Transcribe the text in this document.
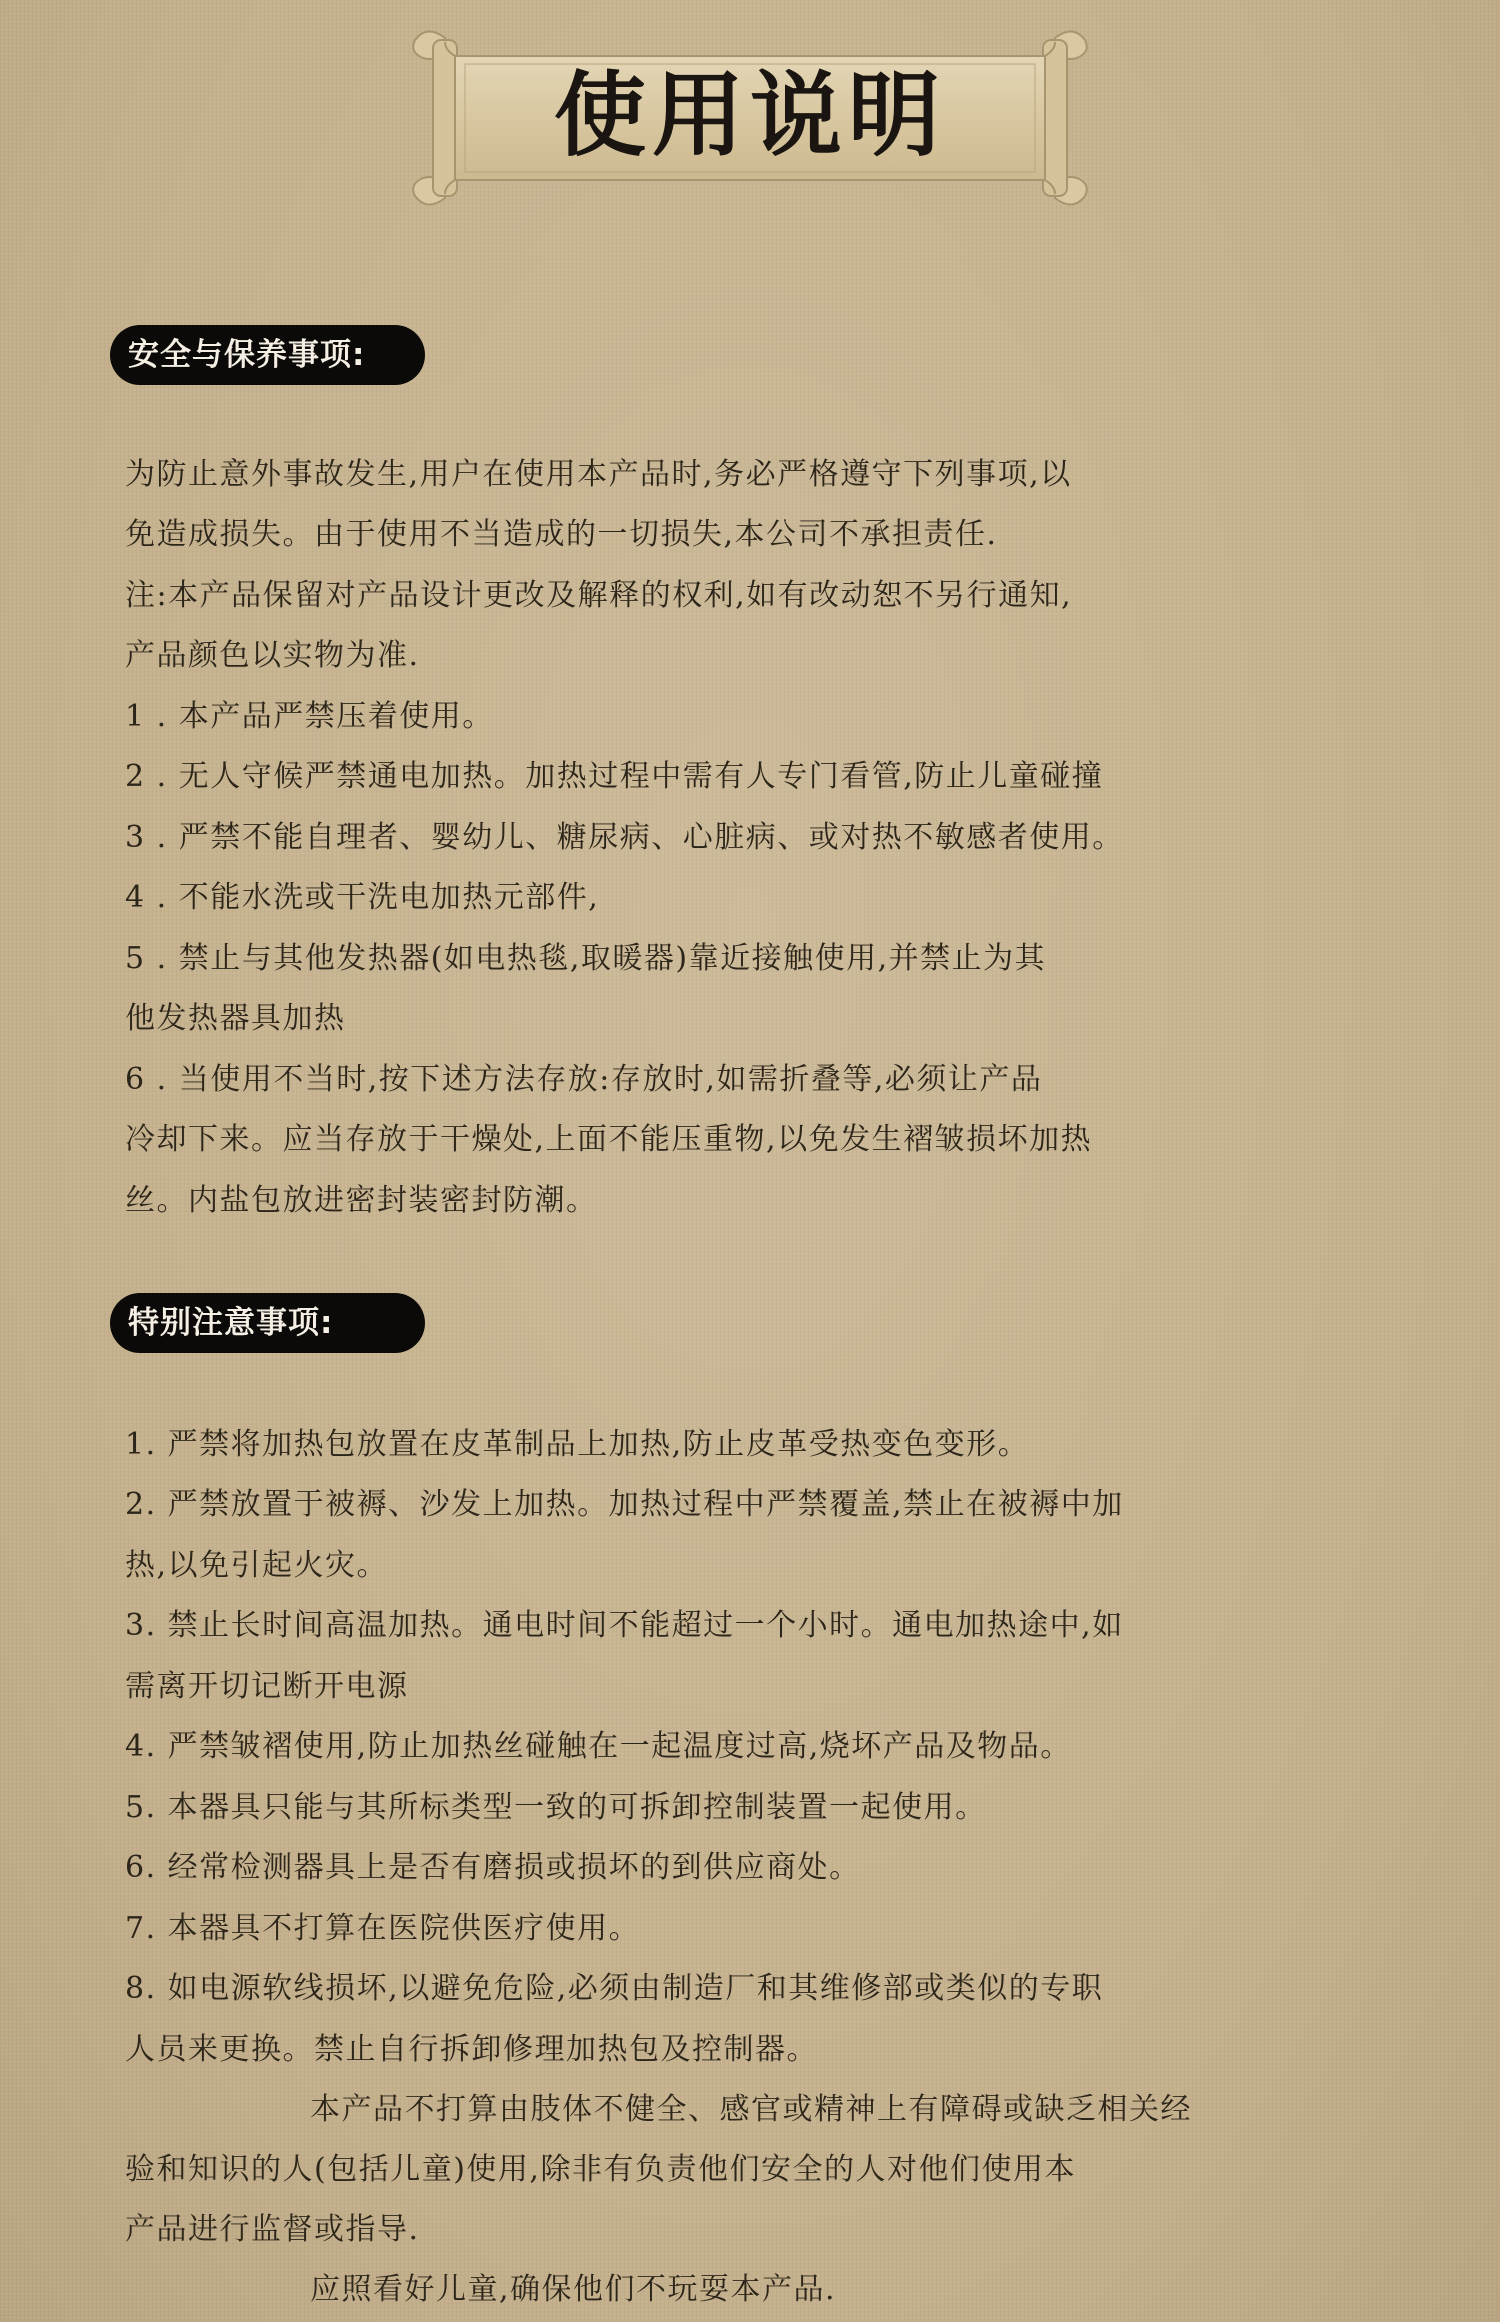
使用说明
安全与保养事项:
为防止意外事故发生,用户在使用本产品时,务必严格遵守下列事项,以
免造成损失。由于使用不当造成的一切损失,本公司不承担责任.
注:本产品保留对产品设计更改及解释的权利,如有改动恕不另行通知,
产品颜色以实物为准.
1 . 本产品严禁压着使用。
2 . 无人守候严禁通电加热。加热过程中需有人专门看管,防止儿童碰撞
3 . 严禁不能自理者、婴幼儿、糖尿病、心脏病、或对热不敏感者使用。
4 . 不能水洗或干洗电加热元部件,
5 . 禁止与其他发热器(如电热毯,取暖器)靠近接触使用,并禁止为其
他发热器具加热
6 . 当使用不当时,按下述方法存放:存放时,如需折叠等,必须让产品
冷却下来。应当存放于干燥处,上面不能压重物,以免发生褶皱损坏加热
丝。内盐包放进密封装密封防潮。
特别注意事项:
1. 严禁将加热包放置在皮革制品上加热,防止皮革受热变色变形。
2. 严禁放置于被褥、沙发上加热。加热过程中严禁覆盖,禁止在被褥中加
热,以免引起火灾。
3. 禁止长时间高温加热。通电时间不能超过一个小时。通电加热途中,如
需离开切记断开电源
4. 严禁皱褶使用,防止加热丝碰触在一起温度过高,烧坏产品及物品。
5. 本器具只能与其所标类型一致的可拆卸控制装置一起使用。
6. 经常检测器具上是否有磨损或损坏的到供应商处。
7. 本器具不打算在医院供医疗使用。
8. 如电源软线损坏,以避免危险,必须由制造厂和其维修部或类似的专职
人员来更换。禁止自行拆卸修理加热包及控制器。
本产品不打算由肢体不健全、感官或精神上有障碍或缺乏相关经
验和知识的人(包括儿童)使用,除非有负责他们安全的人对他们使用本
产品进行监督或指导.
应照看好儿童,确保他们不玩耍本产品.
